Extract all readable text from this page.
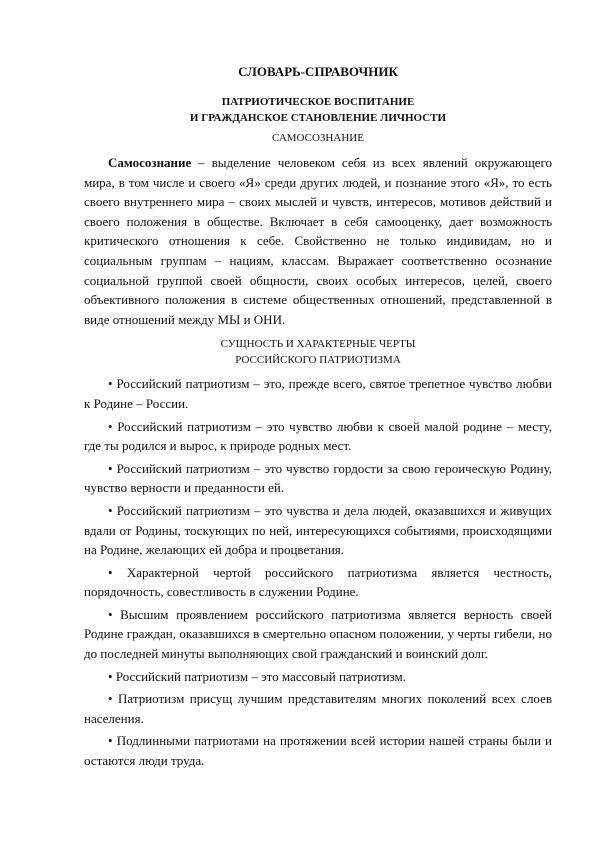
СЛОВАРЬ-СПРАВОЧНИК
ПАТРИОТИЧЕСКОЕ ВОСПИТАНИЕ
И ГРАЖДАНСКОЕ СТАНОВЛЕНИЕ ЛИЧНОСТИ
САМОСОЗНАНИЕ

Самосознание – выделение человеком себя из всех явлений окружающего мира, в том числе и своего «Я» среди других людей, и познание этого «Я», то есть своего внутреннего мира – своих мыслей и чувств, интересов, мотивов действий и своего положения в обществе. Включает в себя самооценку, дает возможность критического отношения к себе. Свойственно не только индивидам, но и социальным группам – нациям, классам. Выражает соответственно осознание социальной группой своей общности, своих особых интересов, целей, своего объективного положения в системе общественных отношений, представленной в виде отношений между МЫ и ОНИ.

СУЩНОСТЬ И ХАРАКТЕРНЫЕ ЧЕРТЫ
РОССИЙСКОГО ПАТРИОТИЗМА
• Российский патриотизм – это, прежде всего, святое трепетное чувство любви к Родине – России.
• Российский патриотизм – это чувство любви к своей малой родине – месту, где ты родился и вырос, к природе родных мест.
• Российский патриотизм – это чувство гордости за свою героическую Родину, чувство верности и преданности ей.
• Российский патриотизм – это чувства и дела людей, оказавшихся и живущих вдали от Родины, тоскующих по ней, интересующихся событиями, происходящими на Родине, желающих ей добра и процветания.
• Характерной чертой российского патриотизма является честность, порядочность, совестливость в служении Родине.
• Высшим проявлением российского патриотизма является верность своей Родине граждан, оказавшихся в смертельно опасном положении, у черты гибели, но до последней минуты выполняющих свой гражданский и воинский долг.
• Российский патриотизм – это массовый патриотизм.
• Патриотизм присущ лучшим представителям многих поколений всех слоев населения.
• Подлинными патриотами на протяжении всей истории нашей страны были и остаются люди труда.
